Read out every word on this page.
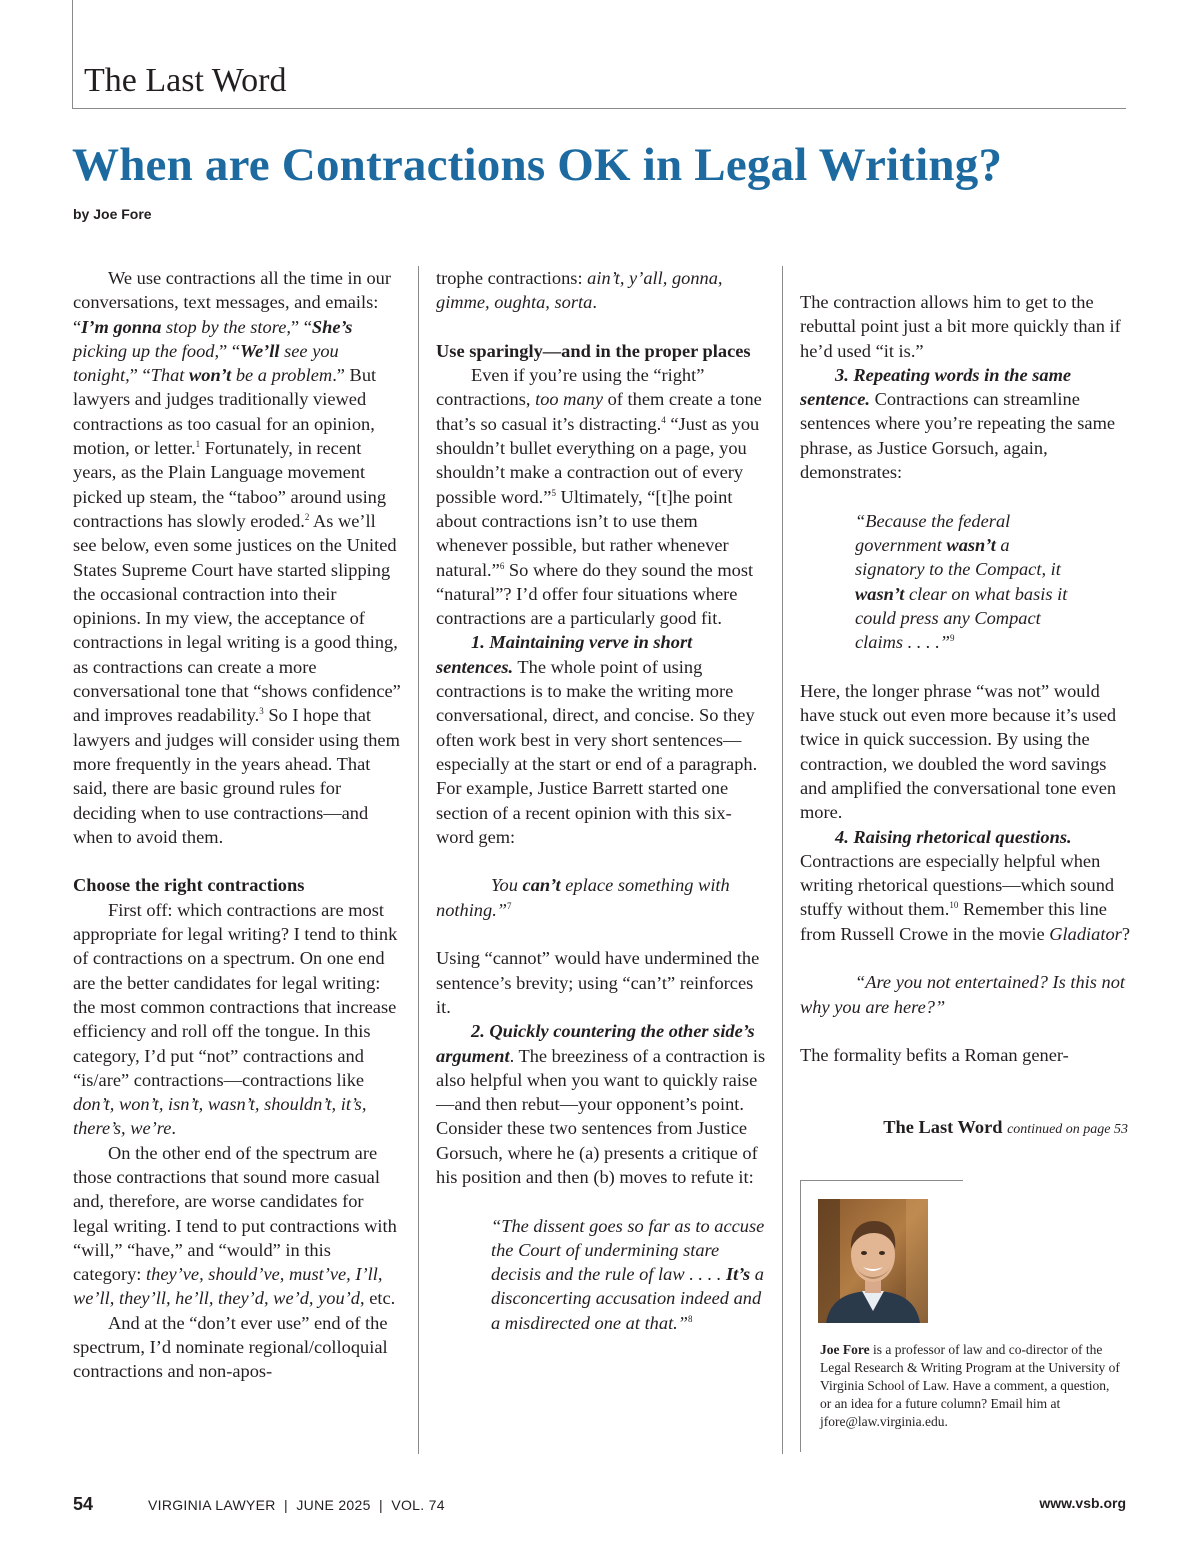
The Last Word
When are Contractions OK in Legal Writing?
by Joe Fore

We use contractions all the time in our conversations, text messages, and emails: “I’m gonna stop by the store,” “She’s picking up the food,” “We’ll see you tonight,” “That won’t be a problem.” But lawyers and judges traditionally viewed contractions as too casual for an opinion, motion, or letter.$^1$ Fortunately, in recent years, as the Plain Language movement picked up steam, the “taboo” around using contractions has slowly eroded.$^2$ As we’ll see below, even some justices on the United States Supreme Court have started slipping the occasional contraction into their opinions. In my view, the acceptance of contractions in legal writing is a good thing, as contractions can create a more conversational tone that “shows confidence” and improves readability.$^3$ So I hope that lawyers and judges will consider using them more frequently in the years ahead. That said, there are basic ground rules for deciding when to use contractions—and when to avoid them.

Choose the right contractions

First off: which contractions are most appropriate for legal writing? I tend to think of contractions on a spectrum. On one end are the better candidates for legal writing: the most common contractions that increase efficiency and roll off the tongue. In this category, I’d put “not” contractions and “is/are” contractions—contractions like don’t, won’t, isn’t, wasn’t, shouldn’t, it’s, there’s, we’re.

On the other end of the spectrum are those contractions that sound more casual and, therefore, are worse candidates for legal writing. I tend to put contractions with “will,” “have,” and “would” in this category: they’ve, should’ve, must’ve, I’ll, we’ll, they’ll, he’ll, they’d, we’d, you’d, etc.

And at the “don’t ever use” end of the spectrum, I’d nominate regional/colloquial contractions and non-apos-

trophe contractions: ain’t, y’all, gonna, gimme, oughta, sorta.

Use sparingly—and in the proper places

Even if you’re using the “right” contractions, too many of them create a tone that’s so casual it’s distracting.$^4$ “Just as you shouldn’t bullet everything on a page, you shouldn’t make a contraction out of every possible word.”$^5$ Ultimately, “[t]he point about contractions isn’t to use them whenever possible, but rather whenever natural.”$^6$ So where do they sound the most “natural”? I’d offer four situations where contractions are a particularly good fit.

1. Maintaining verve in short sentences. The whole point of using contractions is to make the writing more conversational, direct, and concise. So they often work best in very short sentences—especially at the start or end of a paragraph. For example, Justice Barrett started one section of a recent opinion with this six-word gem:

You can’t eplace something with nothing.”$^7$

Using “cannot” would have undermined the sentence’s brevity; using “can’t” reinforces it.

2. Quickly countering the other side’s argument. The breeziness of a contraction is also helpful when you want to quickly raise—and then rebut—your opponent’s point. Consider these two sentences from Justice Gorsuch, where he (a) presents a critique of his position and then (b) moves to refute it:

“The dissent goes so far as to accuse the Court of undermining stare decisis and the rule of law . . . . It’s a disconcerting accusation indeed and a misdirected one at that.”$^8$

The contraction allows him to get to the rebuttal point just a bit more quickly than if he’d used “it is.”

3. Repeating words in the same sentence. Contractions can streamline sentences where you’re repeating the same phrase, as Justice Gorsuch, again, demonstrates:

“Because the federal government wasn’t a signatory to the Compact, it wasn’t clear on what basis it could press any Compact claims . . . .”$^9$

Here, the longer phrase “was not” would have stuck out even more because it’s used twice in quick succession. By using the contraction, we doubled the word savings and amplified the conversational tone even more.

4. Raising rhetorical questions. Contractions are especially helpful when writing rhetorical questions—which sound stuffy without them.$^{10}$ Remember this line from Russell Crowe in the movie Gladiator?

“Are you not entertained? Is this not why you are here?”

The formality befits a Roman gener-

The Last Word continued on page 53
Joe Fore is a professor of law and co-director of the Legal Research & Writing Program at the University of Virginia School of Law. Have a comment, a question, or an idea for a future column? Email him at jfore@law.virginia.edu.
54	VIRGINIA LAWYER  |  JUNE 2025  |  VOL. 74	www.vsb.org
